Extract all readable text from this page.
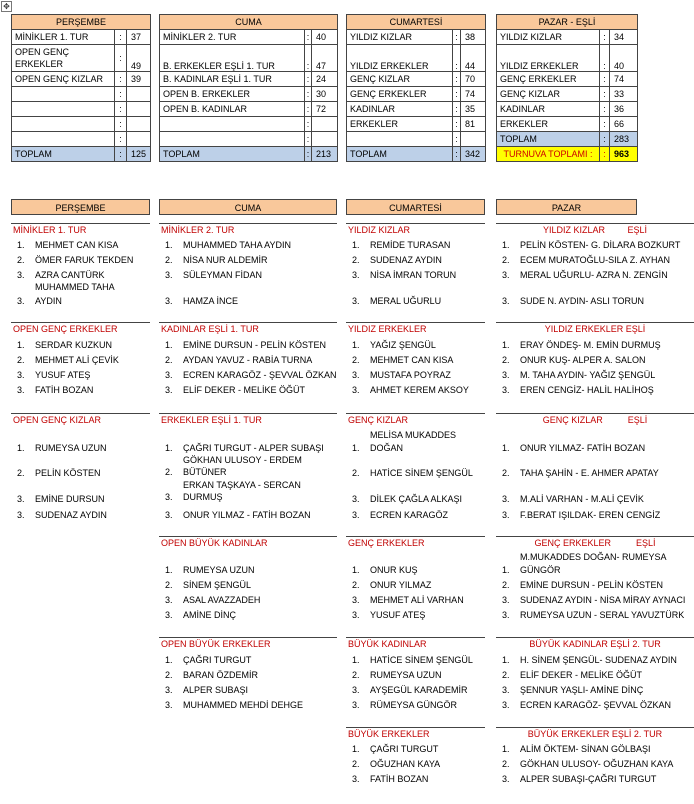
✥
PERŞEMBE		
MİNİKLER 1. TUR	:	37
OPEN GENÇ ERKEKLER	:	49
OPEN GENÇ KIZLAR	:	39
	:	
	:	
	:	
	:	
TOPLAM	:	125
CUMA		
MİNİKLER 2. TUR	:	40
B. ERKEKLER EŞLİ 1. TUR	:	47
B. KADINLAR EŞLİ 1. TUR	:	24
OPEN B. ERKEKLER	:	30
OPEN B. KADINLAR	:	72
	:	
	:	
TOPLAM	:	213
CUMARTESİ		
YILDIZ KIZLAR	:	38
YILDIZ ERKEKLER	:	44
GENÇ KIZLAR	:	70
GENÇ ERKEKLER	:	74
KADINLAR	:	35
ERKEKLER	:	81
	:	
TOPLAM	:	342
PAZAR - EŞLİ		
YILDIZ KIZLAR	:	34
YILDIZ ERKEKLER	:	40
GENÇ ERKEKLER	:	74
GENÇ KIZLAR	:	33
KADINLAR	:	36
ERKEKLER	:	66
TOPLAM	:	283
TURNUVA TOPLAMI :	:	963
PERŞEMBE	CUMA	CUMARTESİ	PAZAR
MİNİKLER 1. TUR
1. MEHMET CAN KISA
2. ÖMER FARUK TEKDEN
3. AZRA CANTÜRK
MUHAMMED TAHA
AYDIN
3.
OPEN GENÇ ERKEKLER
1. SERDAR KUZKUN
2. MEHMET ALİ ÇEVİK
3. YUSUF ATEŞ
3. FATİH BOZAN
OPEN GENÇ KIZLAR
1. RUMEYSA UZUN
2. PELİN KÖSTEN
3. EMİNE DURSUN
3. SUDENAZ AYDIN
MİNİKLER 2. TUR
1. MUHAMMED TAHA AYDIN
2. NİSA NUR ALDEMİR
3. SÜLEYMAN FİDAN
3. HAMZA İNCE
KADINLAR EŞLİ 1. TUR
1. EMİNE DURSUN - PELİN KÖSTEN
2. AYDAN YAVUZ - RABİA TURNA
3. ECREN KARAGÖZ - ŞEVVAL ÖZKAN
3. ELİF DEKER - MELİKE ÖĞÜT
ERKEKLER EŞLİ 1. TUR
1. ÇAĞRI TURGUT - ALPER SUBAŞI
GÖKHAN ULUSOY - ERDEM
2. BÜTÜNER
ERKAN TAŞKAYA - SERCAN
3. DURMUŞ
3. ONUR YILMAZ - FATİH BOZAN
OPEN BÜYÜK KADINLAR
1. RUMEYSA UZUN
2. SİNEM ŞENGÜL
3. ASAL AVAZZADEH
3. AMİNE DİNÇ
OPEN BÜYÜK ERKEKLER
1. ÇAĞRI TURGUT
2. BARAN ÖZDEMİR
3. ALPER SUBAŞI
3. MUHAMMED MEHDİ DEHGE
YILDIZ KIZLAR
1. REMİDE TURASAN
2. SUDENAZ AYDIN
3. NİSA İMRAN TORUN
3. MERAL UĞURLU
YILDIZ ERKEKLER
1. YAĞIZ ŞENGÜL
2. MEHMET CAN KISA
3. MUSTAFA POYRAZ
3. AHMET KEREM AKSOY
GENÇ KIZLAR
MELİSA MUKADDES
1. DOĞAN
2. HATİCE SİNEM ŞENGÜL
3. DİLEK ÇAĞLA ALKAŞI
3. ECREN KARAGÖZ
GENÇ ERKEKLER
1. ONUR KUŞ
2. ONUR YILMAZ
3. MEHMET ALİ VARHAN
3. YUSUF ATEŞ
BÜYÜK KADINLAR
1. HATİCE SİNEM ŞENGÜL
2. RUMEYSA UZUN
3. AYŞEGÜL KARADEMİR
3. RÜMEYSA GÜNGÖR
BÜYÜK ERKEKLER
1. ÇAĞRI TURGUT
2. OĞUZHAN KAYA
3. FATİH BOZAN
YILDIZ KIZLAR         EŞLİ
1. PELİN KÖSTEN- G. DİLARA BOZKURT
2. ECEM MURATOĞLU-SILA Z. AYHAN
3. MERAL UĞURLU- AZRA N. ZENGİN
3. SUDE N. AYDIN- ASLI TORUN
YILDIZ ERKEKLER EŞLİ
1. ERAY ÖNDEŞ- M. EMİN DURMUŞ
2. ONUR KUŞ- ALPER A. SALON
3. M. TAHA AYDIN- YAĞIZ ŞENGÜL
3. EREN CENGİZ- HALİL HALİHOŞ
GENÇ KIZLAR          EŞLİ
1. ONUR YILMAZ- FATİH BOZAN
2. TAHA ŞAHİN - E. AHMER APATAY
3. M.ALİ VARHAN - M.ALİ ÇEVİK
3. F.BERAT IŞILDAK- EREN CENGİZ
GENÇ ERKEKLER          EŞLİ
M.MUKADDES DOĞAN- RUMEYSA
1. GÜNGÖR
2. EMİNE DURSUN - PELİN KÖSTEN
3. SUDENAZ AYDIN - NİSA MİRAY AYNACI
3. RUMEYSA UZUN - SERAL YAVUZTÜRK
BÜYÜK KADINLAR EŞLİ 2. TUR
1. H. SİNEM ŞENGÜL- SUDENAZ AYDIN
2. ELİF DEKER - MELİKE ÖĞÜT
3. ŞENNUR YAŞLI- AMİNE DİNÇ
3. ECREN KARAGÖZ- ŞEVVAL ÖZKAN
BÜYÜK ERKEKLER EŞLİ 2. TUR
1. ALİM ÖKTEM- SİNAN GÖLBAŞI
2. GÖKHAN ULUSOY- OĞUZHAN KAYA
3. ALPER SUBAŞI-ÇAĞRI TURGUT
